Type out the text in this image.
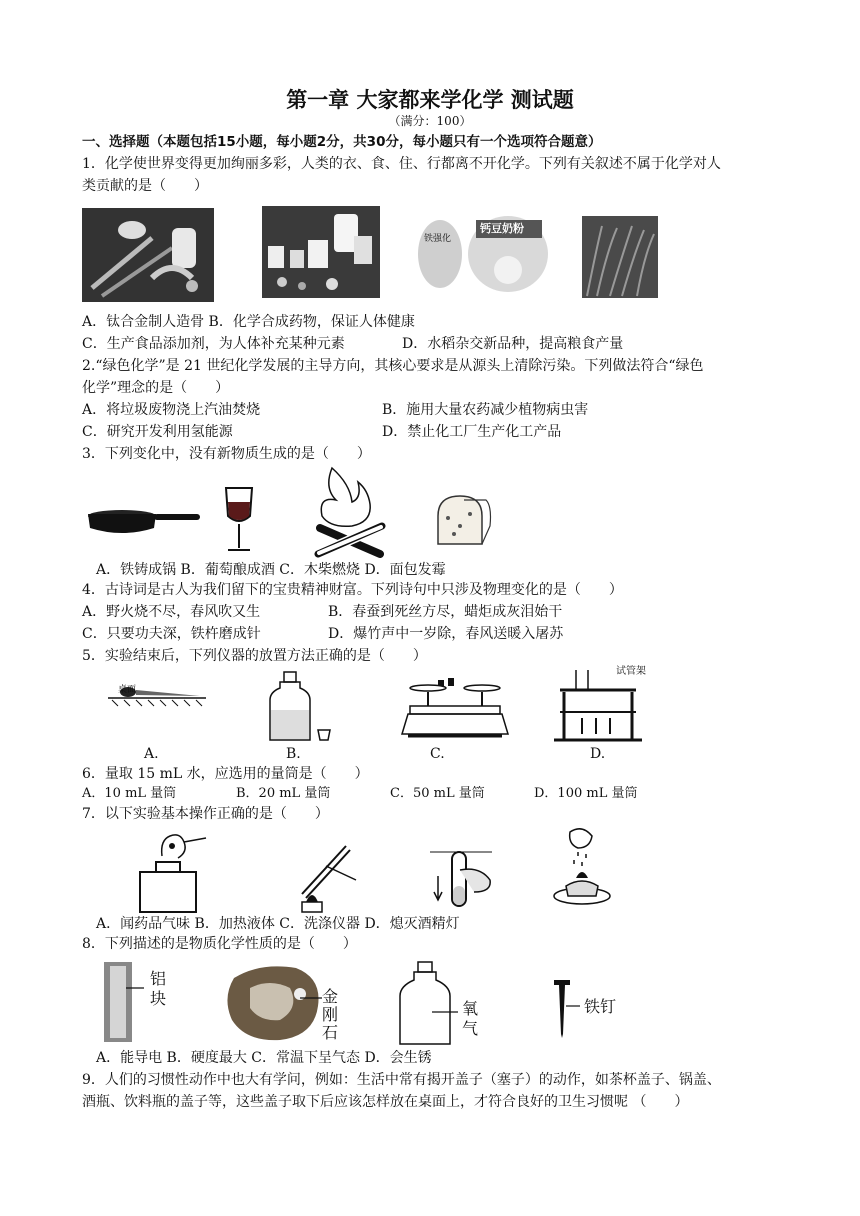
第一章 大家都来学化学 测试题
（满分：100）
一、选择题（本题包括15小题，每小题2分，共30分，每小题只有一个选项符合题意）
1．化学使世界变得更加绚丽多彩，人类的衣、食、住、行都离不开化学。下列有关叙述不属于化学对人
类贡献的是（　　）
铁强化
钙豆奶粉
A．钛合金制人造骨 B．化学合成药物，保证人体健康
C．生产食品添加剂，为人体补充某种元素	D．水稻杂交新品种，提高粮食产量
2.“绿色化学”是 21 世纪化学发展的主导方向，其核心要求是从源头上清除污染。下列做法符合“绿色
化学”理念的是（　　）
A．将垃圾废物浇上汽油焚烧	B．施用大量农药减少植物病虫害
C．研究开发利用氢能源	D．禁止化工厂生产化工产品
3．下列变化中，没有新物质生成的是（　　）
A．铁铸成锅 B．葡萄酿成酒 C．木柴燃烧 D．面包发霉
4．古诗词是古人为我们留下的宝贵精神财富。下列诗句中只涉及物理变化的是（　　）
A．野火烧不尽，春风吹又生	B．春蚕到死丝方尽，蜡炬成灰泪始干
C．只要功夫深，铁杵磨成针	D．爆竹声中一岁除，春风送暖入屠苏
5．实验结束后，下列仪器的放置方法正确的是（　　）
桌面
试管架
A.	B.	C.	D.
6．量取 15 mL 水，应选用的量筒是（　　）
A．10 mL 量筒	B．20 mL 量筒	C．50 mL 量筒	D．100 mL 量筒
7．以下实验基本操作正确的是（　　）
A．闻药品气味 B．加热液体 C．洗涤仪器 D．熄灭酒精灯
8．下列描述的是物质化学性质的是（　　）
铝
块	金
刚
石
氧
气
铁钉
A．能导电 B．硬度最大 C．常温下呈气态 D．会生锈
9．人们的习惯性动作中也大有学问，例如：生活中常有揭开盖子（塞子）的动作，如茶杯盖子、锅盖、
酒瓶、饮料瓶的盖子等，这些盖子取下后应该怎样放在桌面上，才符合良好的卫生习惯呢 （　　）
